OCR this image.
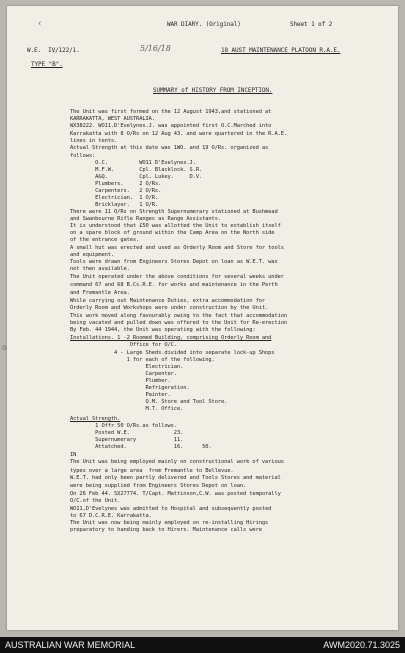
‹	WAR DIARY. (Original)	Sheet 1 of 2
W.E.  IV/122/1.	5/16/18	18 AUST MAINTENANCE PLATOON R.A.E.
TYPE "B".
SUMMARY of HISTORY FROM INCEPTION.
The Unit was first formed on the 12 August 1943,and stationed at
KARRAKATTA, WEST AUSTRALIA.
WX38222. WO11.D'Evelynes.J. was appointed first O.C.Marched into
Karrakatta with 8 O/Rs on 12 Aug 43. and were quartered in the R.A.E.
lines in tents.
Actual Strength at this date was 1WO. and 19 O/Rs. organized as
follows:
O.C.          WO11 D'Evelynes.J.
M.F.W.        Cpl. Blacklock. S.R.
A&Q.          Cpl. Lukey.     D.V.
Plumbers.     2 O/Rs.
Carpenters.   2 O/Rs.
Electrician.  1 O/R.
Bricklayer.   1 O/R.
There were 11 O/Rs on Strength Supernumerary stationed at Bushmead
and Swanbourne Rifle Ranges as Range Assistants.
It is understood that £50 was allotted the Unit to establish itself
on a spare block of ground within the Camp Area on the North side
of the entrance gates.
A small hut was erected and used as Orderly Room and Store for tools
and equipment.
Tools were drawn from Engineers Stores Depot on loan as W.E.T. was
not then available.
The Unit operated under the above conditions for several weeks under
command 67 and 68 B.Cs.R.E. for works and maintenance in the Perth
and Fremantle Area.
While carrying out Maintenance Duties, extra accommodation for
Orderly Room and Workshops were under construction by the Unit.
This work moved along favourably owing to the fact that accommodation
being vacated and pulled down was offered to the Unit for Re-erection
By Feb. 44 1944, the Unit was operating with the following:
Installations. 1 -2 Roomed Building, comprising Orderly Room and
Office for O/C.
4 - Large Sheds.divided into separate lock-up Shops
1 for each of the following.
Electrician.
Carpenter.
Plumber.
Refrigeration.
Painter.
Q.M. Store and Tool Store.
M.T. Office.
Actual Strength.
1 Offr 50 O/Rs.as follows.
Posted W.E.              23.
Supernumerary            11.
Attatched.               16.      50.
IN
The Unit was being employed mainly on constructional work of various
types over a large area  from Fremantle to Bellevue.
W.E.T. had only been partly delivered and Tools Stores and material
were being supplied from Engineers Stores Depot on loan.
On 26 Feb 44. SX27774. T/Capt. Mattinson,C.W. was posted temporally
O/C.of the Unit.
WO11,D'Evelynes was admitted to Hospital and subsequently posted
to 67 D.C.R.E. Karrakatta.
The Unit was now being mainly employed on re-installing Hirings
preparatory to handing back to Hirers. Maintenance calls were
o
AUSTRALIAN WAR MEMORIAL	AWM2020.71.3025
